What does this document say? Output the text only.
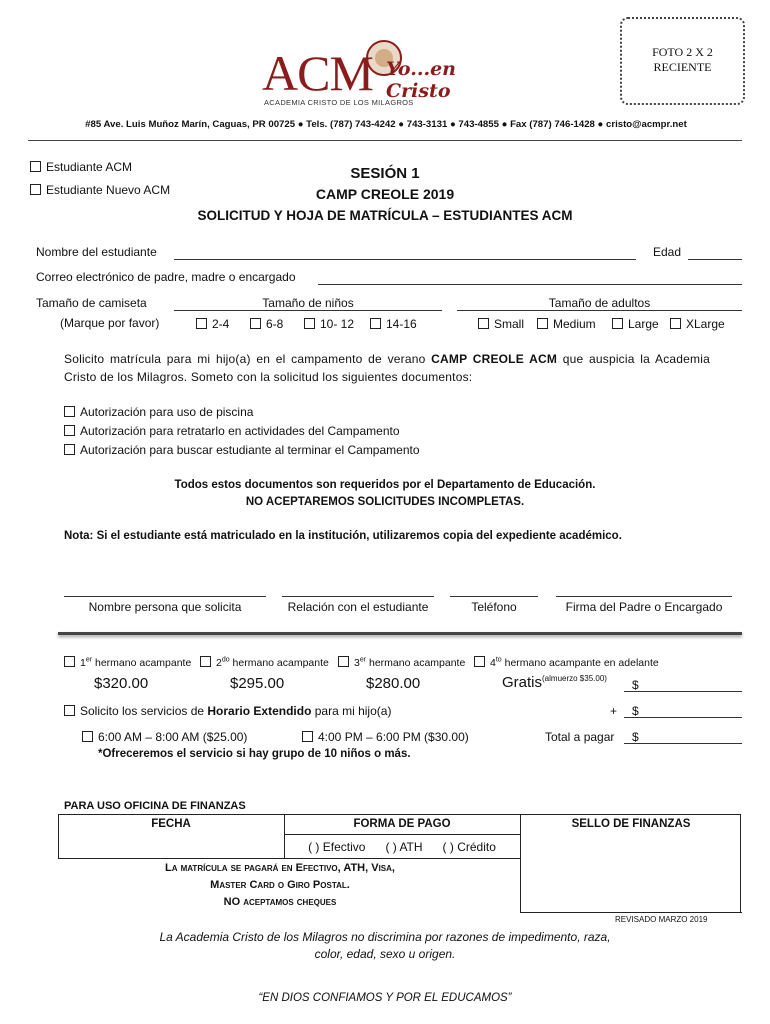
ACM Yo...en Cristo
ACADEMIA CRISTO DE LOS MILAGROS
FOTO 2 X 2
RECIENTE
#85 Ave. Luis Muñoz Marín, Caguas, PR 00725 ● Tels. (787) 743-4242 ● 743-3131 ● 743-4855 ● Fax (787) 746-1428 ● cristo@acmpr.net
Estudiante ACM
Estudiante Nuevo ACM
SESIÓN 1
CAMP CREOLE 2019
SOLICITUD Y HOJA DE MATRÍCULA – ESTUDIANTES ACM
Nombre del estudiante	Edad
Correo electrónico de padre, madre o encargado
Tamaño de camiseta
(Marque por favor)
Tamaño de niños	Tamaño de adultos
2-4	6-8	10- 12	14-16	Small	Medium	Large	XLarge
Solicito matrícula para mi hijo(a) en el campamento de verano CAMP CREOLE ACM que auspicia la Academia Cristo de los Milagros. Someto con la solicitud los siguientes documentos:
Autorización para uso de piscina
Autorización para retratarlo en actividades del Campamento
Autorización para buscar estudiante al terminar el Campamento
Todos estos documentos son requeridos por el Departamento de Educación.
NO ACEPTAREMOS SOLICITUDES INCOMPLETAS.
Nota: Si el estudiante está matriculado en la institución, utilizaremos copia del expediente académico.
Nombre persona que solicita	Relación con el estudiante	Teléfono	Firma del Padre o Encargado
1er hermano acampante	$2^{do}$ hermano acampante	3er hermano acampante	$4^{to}$ hermano acampante en adelante
$320.00	$295.00	$280.00	Gratis$^{(almuerzo \$35.00)}$ $
Solicito los servicios de Horario Extendido para mi hijo(a)	+ $
6:00 AM – 8:00 AM ($25.00)	4:00 PM – 6:00 PM ($30.00)	Total a pagar $
*Ofreceremos el servicio si hay grupo de 10 niños o más.
PARA USO OFICINA DE FINANZAS
FECHA	FORMA DE PAGO	SELLO DE FINANZAS
( ) Efectivo      ( ) ATH      ( ) Crédito
La matrícula se pagará en Efectivo, ATH, Visa,
Master Card o Giro Postal.
NO aceptamos cheques
REVISADO MARZO 2019
La Academia Cristo de los Milagros no discrimina por razones de impedimento, raza,
color, edad, sexo u origen.
“EN DIOS CONFIAMOS Y POR EL EDUCAMOS”
